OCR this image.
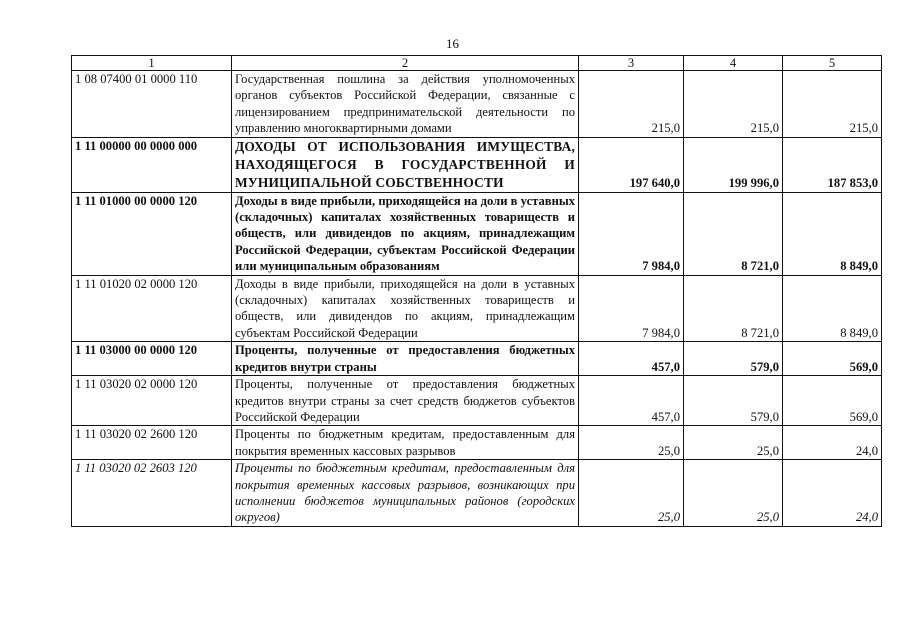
16
1	2	3	4	5
1 08 07400 01 0000 110	Государственная пошлина за действия уполномоченных органов субъектов Российской Федерации, связанные с лицензированием предпринимательской деятельности по управлению многоквартирными домами	215,0	215,0	215,0
1 11 00000 00 0000 000	ДОХОДЫ ОТ ИСПОЛЬЗОВАНИЯ ИМУЩЕСТВА, НАХОДЯЩЕГОСЯ В ГОСУДАРСТВЕННОЙ И МУНИЦИПАЛЬНОЙ СОБСТВЕННОСТИ	197 640,0	199 996,0	187 853,0
1 11 01000 00 0000 120	Доходы в виде прибыли, приходящейся на доли в уставных (складочных) капиталах хозяйственных товариществ и обществ, или дивидендов по акциям, принадлежащим Российской Федерации, субъектам Российской Федерации или муниципальным образованиям	7 984,0	8 721,0	8 849,0
1 11 01020 02 0000 120	Доходы в виде прибыли, приходящейся на доли в уставных (складочных) капиталах хозяйственных товариществ и обществ, или дивидендов по акциям, принадлежащим субъектам Российской Федерации	7 984,0	8 721,0	8 849,0
1 11 03000 00 0000 120	Проценты, полученные от предоставления бюджетных кредитов внутри страны	457,0	579,0	569,0
1 11 03020 02 0000 120	Проценты, полученные от предоставления бюджетных кредитов внутри страны за счет средств бюджетов субъектов Российской Федерации	457,0	579,0	569,0
1 11 03020 02 2600 120	Проценты по бюджетным кредитам, предоставленным для покрытия временных кассовых разрывов	25,0	25,0	24,0
1 11 03020 02 2603 120	Проценты по бюджетным кредитам, предоставленным для покрытия временных кассовых разрывов, возникающих при исполнении бюджетов муниципальных районов (городских округов)	25,0	25,0	24,0
